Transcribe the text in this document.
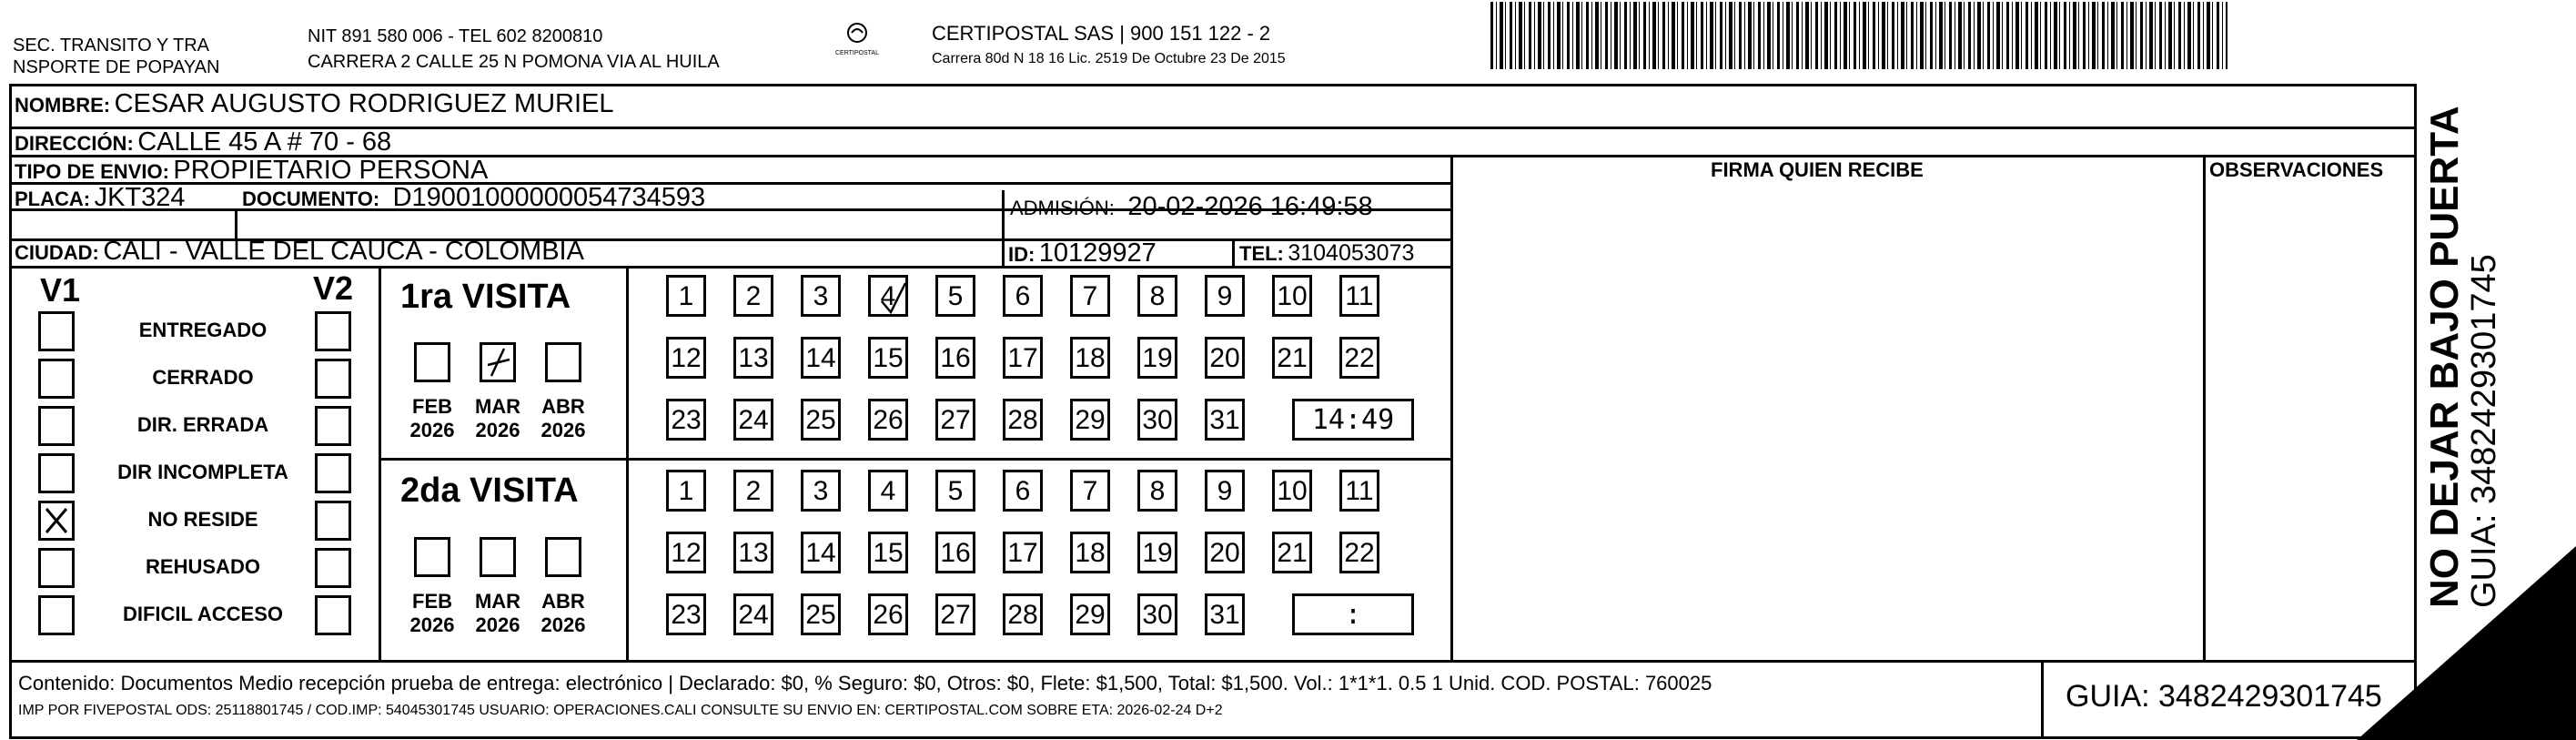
SEC. TRANSITO Y TRA
NSPORTE DE POPAYAN
NIT 891 580 006 - TEL 602 8200810
CARRERA 2 CALLE 25 N POMONA VIA AL HUILA	CERTIPOSTAL
CERTIPOSTAL SAS | 900 151 122 - 2
Carrera 80d N 18 16 Lic. 2519 De Octubre 23 De 2015
NOMBRE: CESAR AUGUSTO RODRIGUEZ MURIEL
DIRECCIÓN: CALLE 45 A # 70 - 68
TIPO DE ENVIO: PROPIETARIO PERSONA	FIRMA QUIEN RECIBE	OBSERVACIONES
PLACA: JKT324	DOCUMENTO: D19001000000054734593	ADMISIÓN: 20-02-2026 16:49:58
CIUDAD: CALI - VALLE DEL CAUCA - COLOMBIA	ID: 10129927	TEL: 3104053073
V1	V2
ENTREGADO
CERRADO
DIR. ERRADA
DIR INCOMPLETA
NO RESIDE
REHUSADO
DIFICIL ACCESO
1ra VISITA
2da VISITA
FEB
2026
MAR
2026
ABR
2026
1	2	3	4	5	6	7	8	9	10 11
12 13 14 15 16 17 18 19 20 21 22
23 24 25 26 27 28 29 30 31	14:49
FEB
2026
MAR
2026
ABR
2026
1	2	3	4	5	6	7	8	9	10 11
12 13 14 15 16 17 18 19 20 21 22
23 24 25 26 27 28 29 30 31	:
Contenido: Documentos Medio recepción prueba de entrega: electrónico | Declarado: $0, % Seguro: $0, Otros: $0, Flete: $1,500, Total: $1,500. Vol.: 1*1*1. 0.5 1 Unid. COD. POSTAL: 760025
IMP POR FIVEPOSTAL ODS: 25118801745 / COD.IMP: 54045301745 USUARIO: OPERACIONES.CALI CONSULTE SU ENVIO EN: CERTIPOSTAL.COM SOBRE ETA: 2026-02-24 D+2	GUIA: 3482429301745
NO DEJAR BAJO PUERTA
GUIA: 3482429301745
